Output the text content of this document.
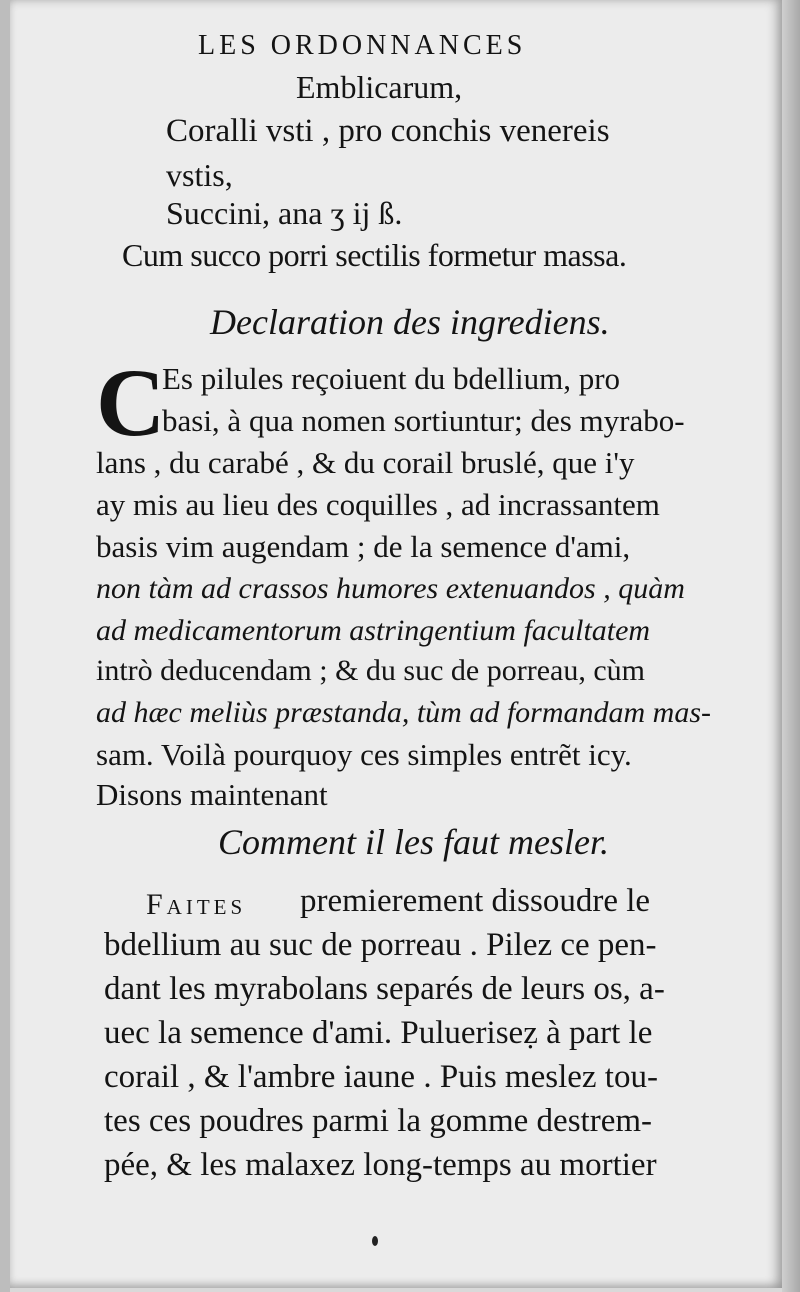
LES ORDONNANCES
Emblicarum,
Coralli vsti , pro conchis venereis
vstis,
Succini, ana ʒ ij ß.
Cum succo porri sectilis formetur massa.
Declaration des ingrediens.
C
Es pilules reçoiuent du bdellium, pro
basi, à qua nomen sortiuntur; des myrabo-
lans , du carabé , & du corail bruslé, que i'y
ay mis au lieu des coquilles , ad incrassantem
basis vim augendam ; de la semence d'ami,
non tàm ad crassos humores extenuandos , quàm
ad medicamentorum astringentium facultatem
intrò deducendam ; & du suc de porreau, cùm
ad hæc meliùs præstanda, tùm ad formandam mas-
sam. Voilà pourquoy ces simples entrẽt icy.
Disons maintenant
Comment il les faut mesler.
Faites premierement dissoudre le
bdellium au suc de porreau . Pilez ce pen-
dant les myrabolans separés de leurs os, a-
uec la semence d'ami. Pulueriseẓ à part le
corail , & l'ambre iaune . Puis meslez tou-
tes ces poudres parmi la gomme destrem-
pée, & les malaxez long-temps au mortier
